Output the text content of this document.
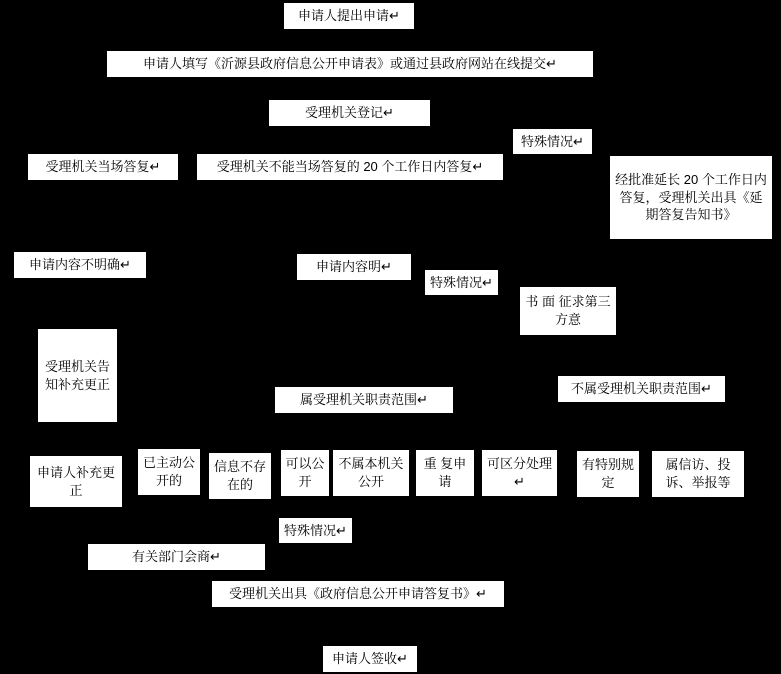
申请人提出申请↵
申请人填写《沂源县政府信息公开申请表》或通过县政府网站在线提交↵
受理机关登记↵
特殊情况↵
受理机关当场答复↵	受理机关不能当场答复的 20 个工作日内答复↵
经批准延长 20 个工作日内答复，受理机关出具《延期答复告知书》
申请内容不明确↵	申请内容明↵
特殊情况↵
书 面 征求第三方意
受理机关告知补充更正
属受理机关职责范围↵
不属受理机关职责范围↵
申请人补充更正
已主动公开的
信息不存在的
可以公开
不属本机关公开
重 复申请
可区分处理↵
有特别规定
属信访、投诉、举报等
特殊情况↵
有关部门会商↵
受理机关出具《政府信息公开申请答复书》↵
申请人签收↵
